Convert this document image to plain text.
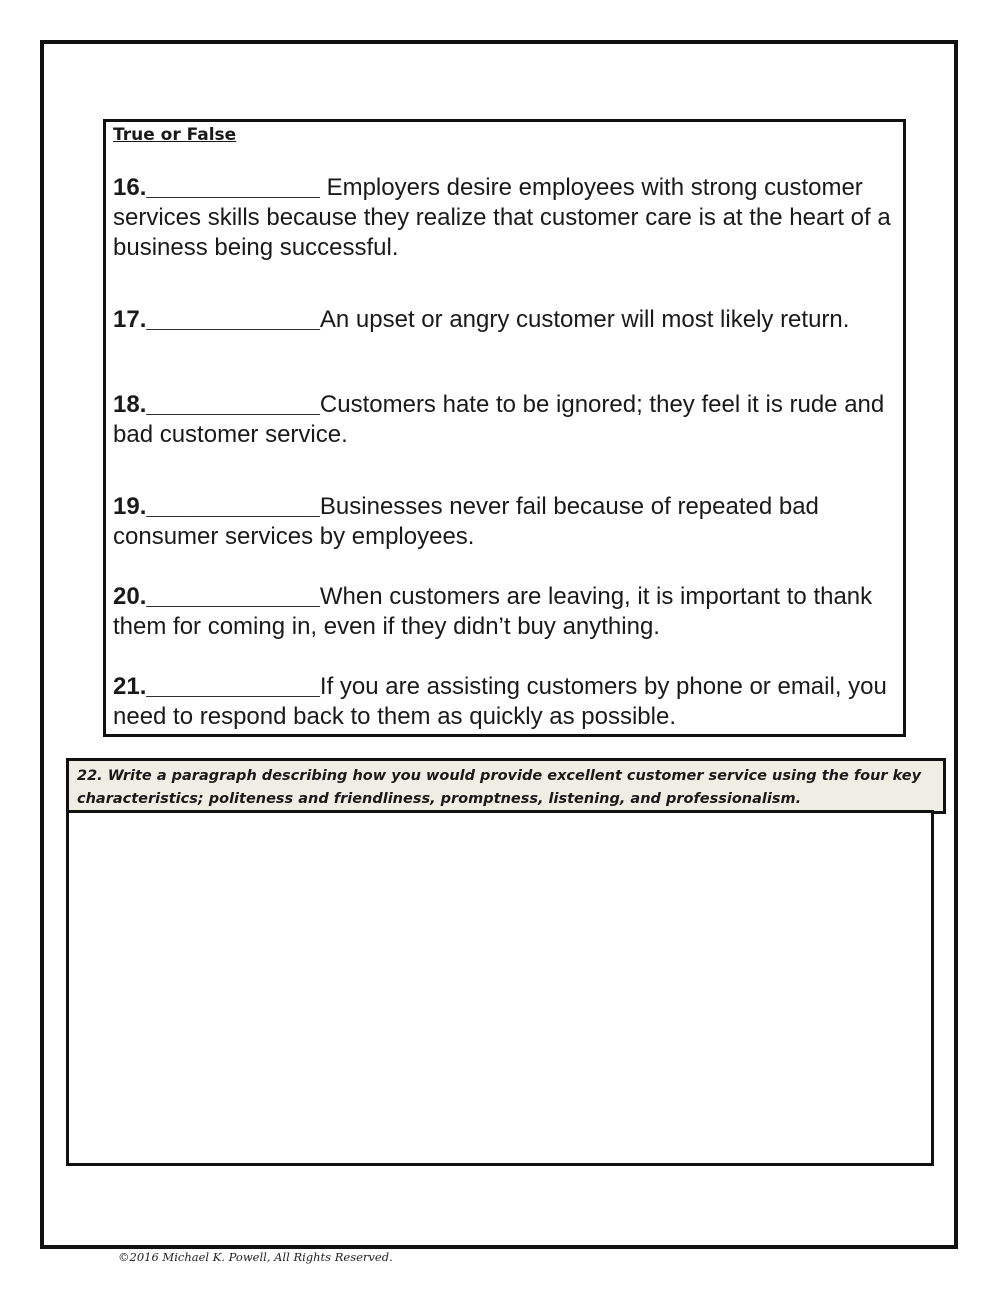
True or False

16._____________ Employers desire employees with strong customer services skills because they realize that customer care is at the heart of a business being successful.

17._____________An upset or angry customer will most likely return.

18._____________Customers hate to be ignored; they feel it is rude and bad customer service.

19._____________Businesses never fail because of repeated bad consumer services by employees.

20._____________When customers are leaving, it is important to thank them for coming in, even if they didn’t buy anything.

21._____________If you are assisting customers by phone or email, you need to respond back to them as quickly as possible.

22. Write a paragraph describing how you would provide excellent customer service using the four key characteristics; politeness and friendliness, promptness, listening, and professionalism.

©2016 Michael K. Powell, All Rights Reserved.
